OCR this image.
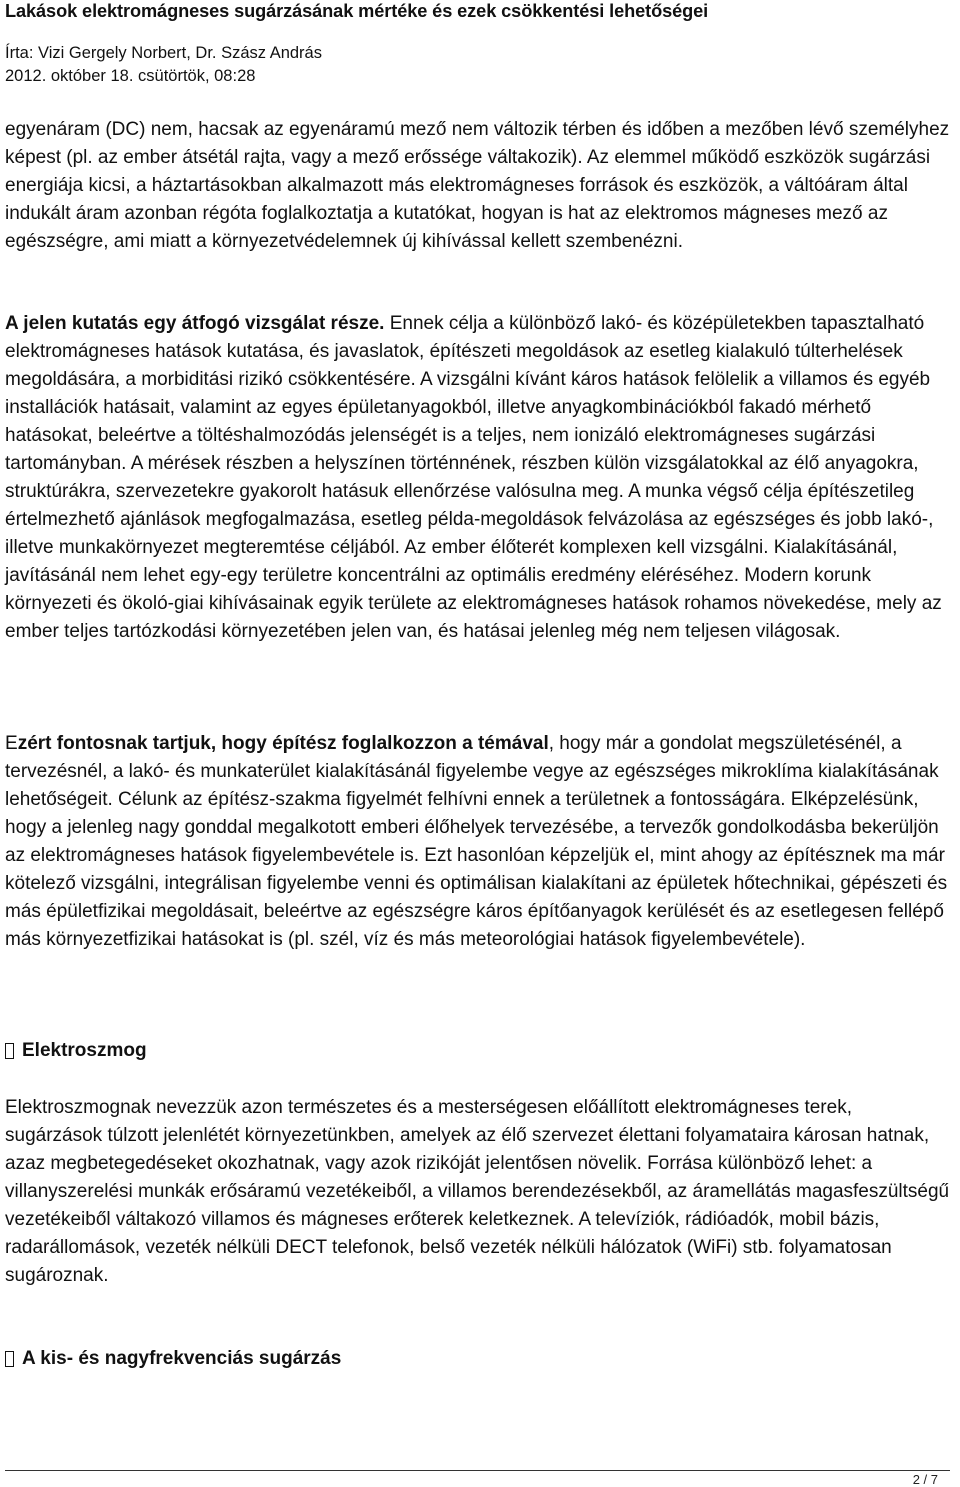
Lakások elektromágneses sugárzásának mértéke és ezek csökkentési lehetőségei
Írta: Vizi Gergely Norbert, Dr. Szász András
2012. október 18. csütörtök, 08:28

egyenáram (DC) nem, hacsak az egyenáramú mező nem változik térben és időben a mezőben lévő személyhez képest (pl. az ember átsétál rajta, vagy a mező erőssége váltakozik). Az elemmel működő eszközök sugárzási energiája kicsi, a háztartásokban alkalmazott más elektromágneses források és eszközök, a váltóáram által indukált áram azonban régóta foglalkoztatja a kutatókat, hogyan is hat az elektromos mágneses mező az egészségre, ami miatt a környezetvédelemnek új kihívással kellett szembenézni.

A jelen kutatás egy átfogó vizsgálat része. Ennek célja a különböző lakó- és középületekben tapasztalható elektromágneses hatások kutatása, és javaslatok, építészeti megoldások az esetleg kialakuló túlterhelések megoldására, a morbiditási rizikó csökkentésére. A vizsgálni kívánt káros hatások felölelik a villamos és egyéb installációk hatásait, valamint az egyes épületanyagokból, illetve anyagkombinációkból fakadó mérhető hatásokat, beleértve a töltéshalmozódás jelenségét is a teljes, nem ionizáló elektromágneses sugárzási tartományban. A mérések részben a helyszínen történnének, részben külön vizsgálatokkal az élő anyagokra, struktúrákra, szervezetekre gyakorolt hatásuk ellenőrzése valósulna meg. A munka végső célja építészetileg értelmezhető ajánlások megfogalmazása, esetleg példa-megoldások felvázolása az egészséges és jobb lakó-, illetve munkakörnyezet megteremtése céljából. Az ember élőterét komplexen kell vizsgálni. Kialakításánál, javításánál nem lehet egy-egy területre koncentrálni az optimális eredmény eléréséhez. Modern korunk környezeti és ökoló-giai kihívásainak egyik területe az elektromágneses hatások rohamos növekedése, mely az ember teljes tartózkodási környezetében jelen van, és hatásai jelenleg még nem teljesen világosak.

Ezért fontosnak tartjuk, hogy építész foglalkozzon a témával, hogy már a gondolat megszületésénél, a tervezésnél, a lakó- és munkaterület kialakításánál figyelembe vegye az egészséges mikroklíma kialakításának lehetőségeit. Célunk az építész-szakma figyelmét felhívni ennek a területnek a fontosságára. Elképzelésünk, hogy a jelenleg nagy gonddal megalkotott emberi élőhelyek tervezésébe, a tervezők gondolkodásba bekerüljön az elektromágneses hatások figyelembevétele is. Ezt hasonlóan képzeljük el, mint ahogy az építésznek ma már kötelező vizsgálni, integrálisan figyelembe venni és optimálisan kialakítani az épületek hőtechnikai, gépészeti és más épületfizikai megoldásait, beleértve az egészségre káros építőanyagok kerülését és az esetlegesen fellépő más környezetfizikai hatásokat is (pl. szél, víz és más meteorológiai hatások figyelembevétele).

Elektroszmog

Elektroszmognak nevezzük azon természetes és a mesterségesen előállított elektromágneses terek, sugárzások túlzott jelenlétét környezetünkben, amelyek az élő szervezet élettani folyamataira károsan hatnak, azaz megbetegedéseket okozhatnak, vagy azok rizikóját jelentősen növelik. Forrása különböző lehet: a villanyszerelési munkák erősáramú vezetékeiből, a villamos berendezésekből, az áramellátás magasfeszültségű vezetékeiből váltakozó villamos és mágneses erőterek keletkeznek. A televíziók, rádióadók, mobil bázis, radarállomások, vezeték nélküli DECT telefonok, belső vezeték nélküli hálózatok (WiFi) stb. folyamatosan sugároznak.

A kis- és nagyfrekvenciás sugárzás
2 / 7
